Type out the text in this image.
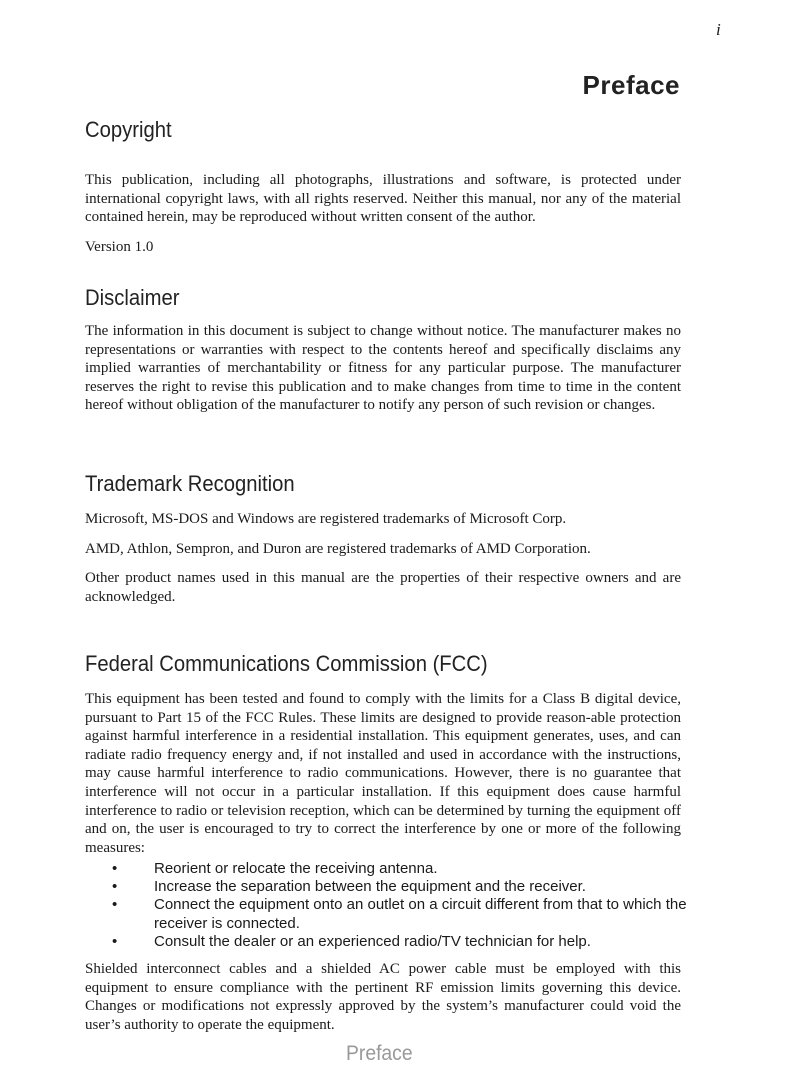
i
Preface
Copyright

This publication, including all photographs, illustrations and software, is protected under international copyright laws, with all rights reserved. Neither this manual, nor any of the material contained herein, may be reproduced without written consent of the author.

Version 1.0

Disclaimer

The information in this document is subject to change without notice. The manufacturer makes no representations or warranties with respect to the contents hereof and specifically disclaims any implied warranties of merchantability or fitness for any particular purpose. The manufacturer reserves the right to revise this publication and to make changes from time to time in the content hereof without obligation of the manufacturer to notify any person of such revision or changes.

Trademark Recognition

Microsoft, MS-DOS and Windows are registered trademarks of Microsoft Corp.

AMD, Athlon, Sempron, and Duron are registered trademarks of AMD Corporation.

Other product names used in this manual are the properties of their respective owners and are acknowledged.

Federal Communications Commission (FCC)

This equipment has been tested and found to comply with the limits for a Class B digital device, pursuant to Part 15 of the FCC Rules. These limits are designed to provide reason-able protection against harmful interference in a residential installation. This equipment generates, uses, and can radiate radio frequency energy and, if not installed and used in accordance with the instructions, may cause harmful interference to radio communications. However, there is no guarantee that interference will not occur in a particular installation. If this equipment does cause harmful interference to radio or television reception, which can be determined by turning the equipment off and on, the user is encouraged to try to correct the interference by one or more of the following measures:

• Reorient or relocate the receiving antenna.
• Increase the separation between the equipment and the receiver.
• Connect the equipment onto an outlet on a circuit different from that to which the receiver is connected.
• Consult the dealer or an experienced radio/TV technician for help.

Shielded interconnect cables and a shielded AC power cable must be employed with this equipment to ensure compliance with the pertinent RF emission limits governing this device. Changes or modifications not expressly approved by the system’s manufacturer could void the user’s authority to operate the equipment.

Preface
